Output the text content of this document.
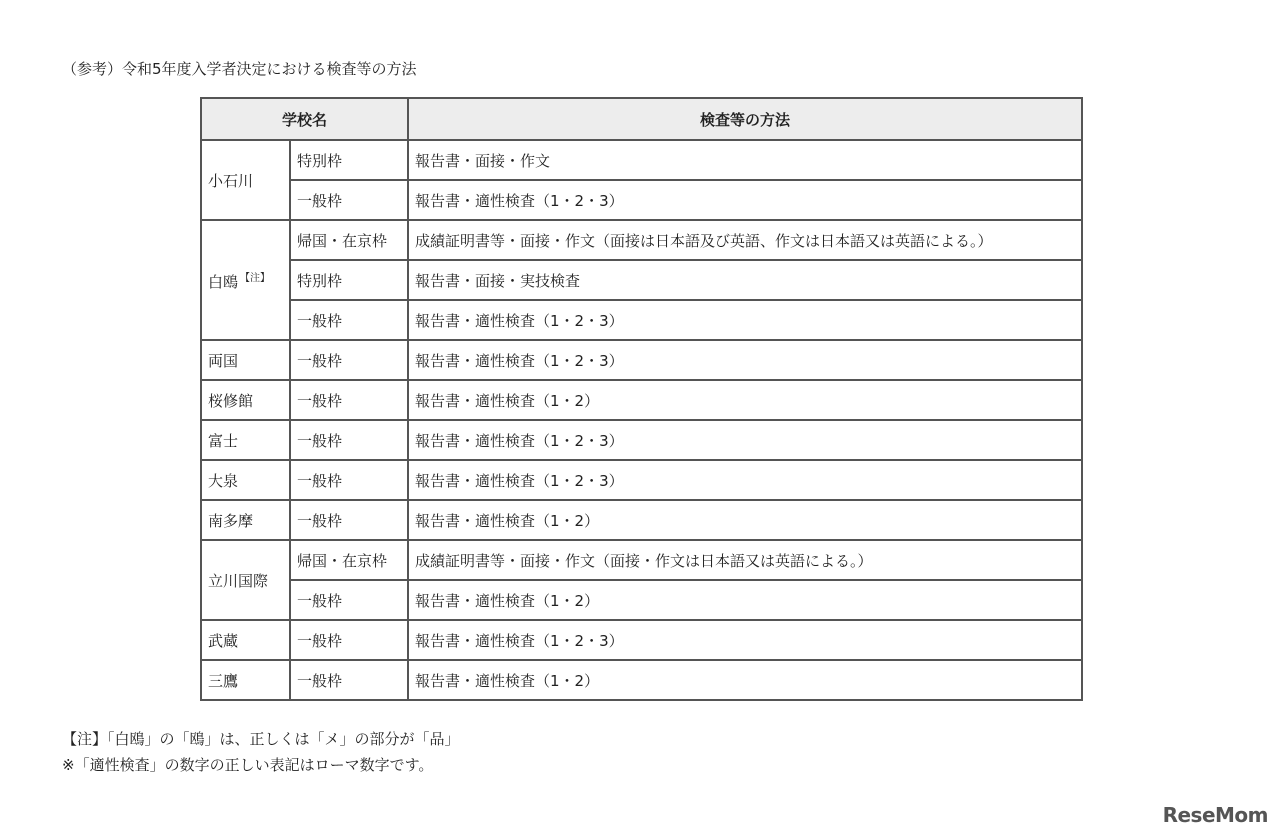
（参考）令和5年度入学者決定における検査等の方法
学校名		検査等の方法
小石川	特別枠	報告書・面接・作文
	一般枠	報告書・適性検査（1・2・3）
白鴎 $^{【注】}$	帰国・在京枠	成績証明書等・面接・作文（面接は日本語及び英語、作文は日本語又は英語による。）
	特別枠	報告書・面接・実技検査
	一般枠	報告書・適性検査（1・2・3）
両国	一般枠	報告書・適性検査（1・2・3）
桜修館	一般枠	報告書・適性検査（1・2）
富士	一般枠	報告書・適性検査（1・2・3）
大泉	一般枠	報告書・適性検査（1・2・3）
南多摩	一般枠	報告書・適性検査（1・2）
立川国際	帰国・在京枠	成績証明書等・面接・作文（面接・作文は日本語又は英語による。）
	一般枠	報告書・適性検査（1・2）
武蔵	一般枠	報告書・適性検査（1・2・3）
三鷹	一般枠	報告書・適性検査（1・2）
【注】「白鴎」の「鴎」は、正しくは「メ」の部分が「品」
※「適性検査」の数字の正しい表記はローマ数字です。
ReseMom
